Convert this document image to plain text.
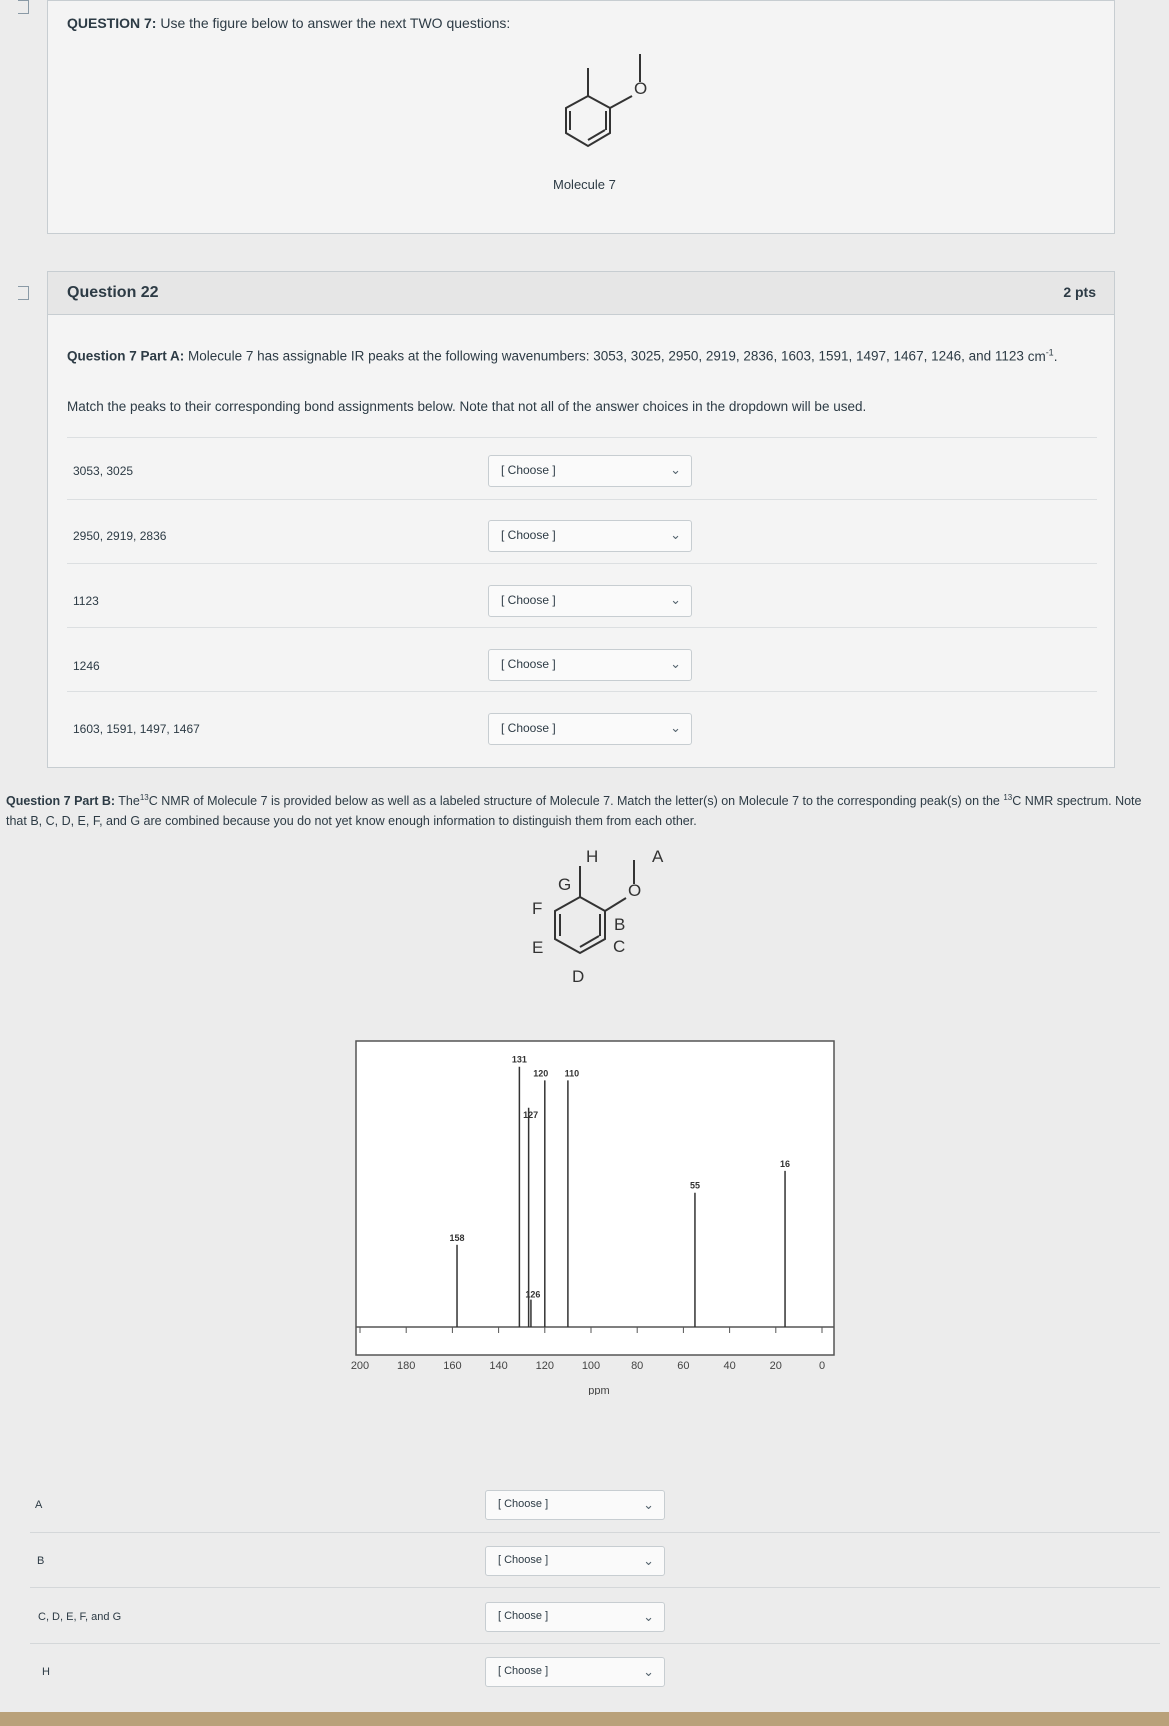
QUESTION 7: Use the figure below to answer the next TWO questions:
O
Molecule 7
Question 22	2 pts
Question 7 Part A: Molecule 7 has assignable IR peaks at the following wavenumbers: 3053, 3025, 2950, 2919, 2836, 1603, 1591, 1497, 1467, 1246, and 1123 $cm^{-1}$.
Match the peaks to their corresponding bond assignments below. Note that not all of the answer choices in the dropdown will be used.
3053, 3025	[ Choose ]	⌄
2950, 2919, 2836	[ Choose ]	⌄
1123	[ Choose ]	⌄
1246	[ Choose ]	⌄
1603, 1591, 1497, 1467	[ Choose ]	⌄
Question 7 Part B: The$^{13}$C NMR of Molecule 7 is provided below as well as a labeled structure of Molecule 7. Match the letter(s) on Molecule 7 to the corresponding peak(s) on the $^{13}$C NMR spectrum. Note that B, C, D, E, F, and G are combined because you do not yet know enough information to distinguish them from each other.
O
A
B
C
D
E
F
G
H
158
131
127
126
120 110
55
16
200	180	160	140	120	100	80	60	40	20	0
ppm
A	[ Choose ]	⌄
B	[ Choose ]	⌄
C, D, E, F, and G	[ Choose ]	⌄
H	[ Choose ]	⌄
